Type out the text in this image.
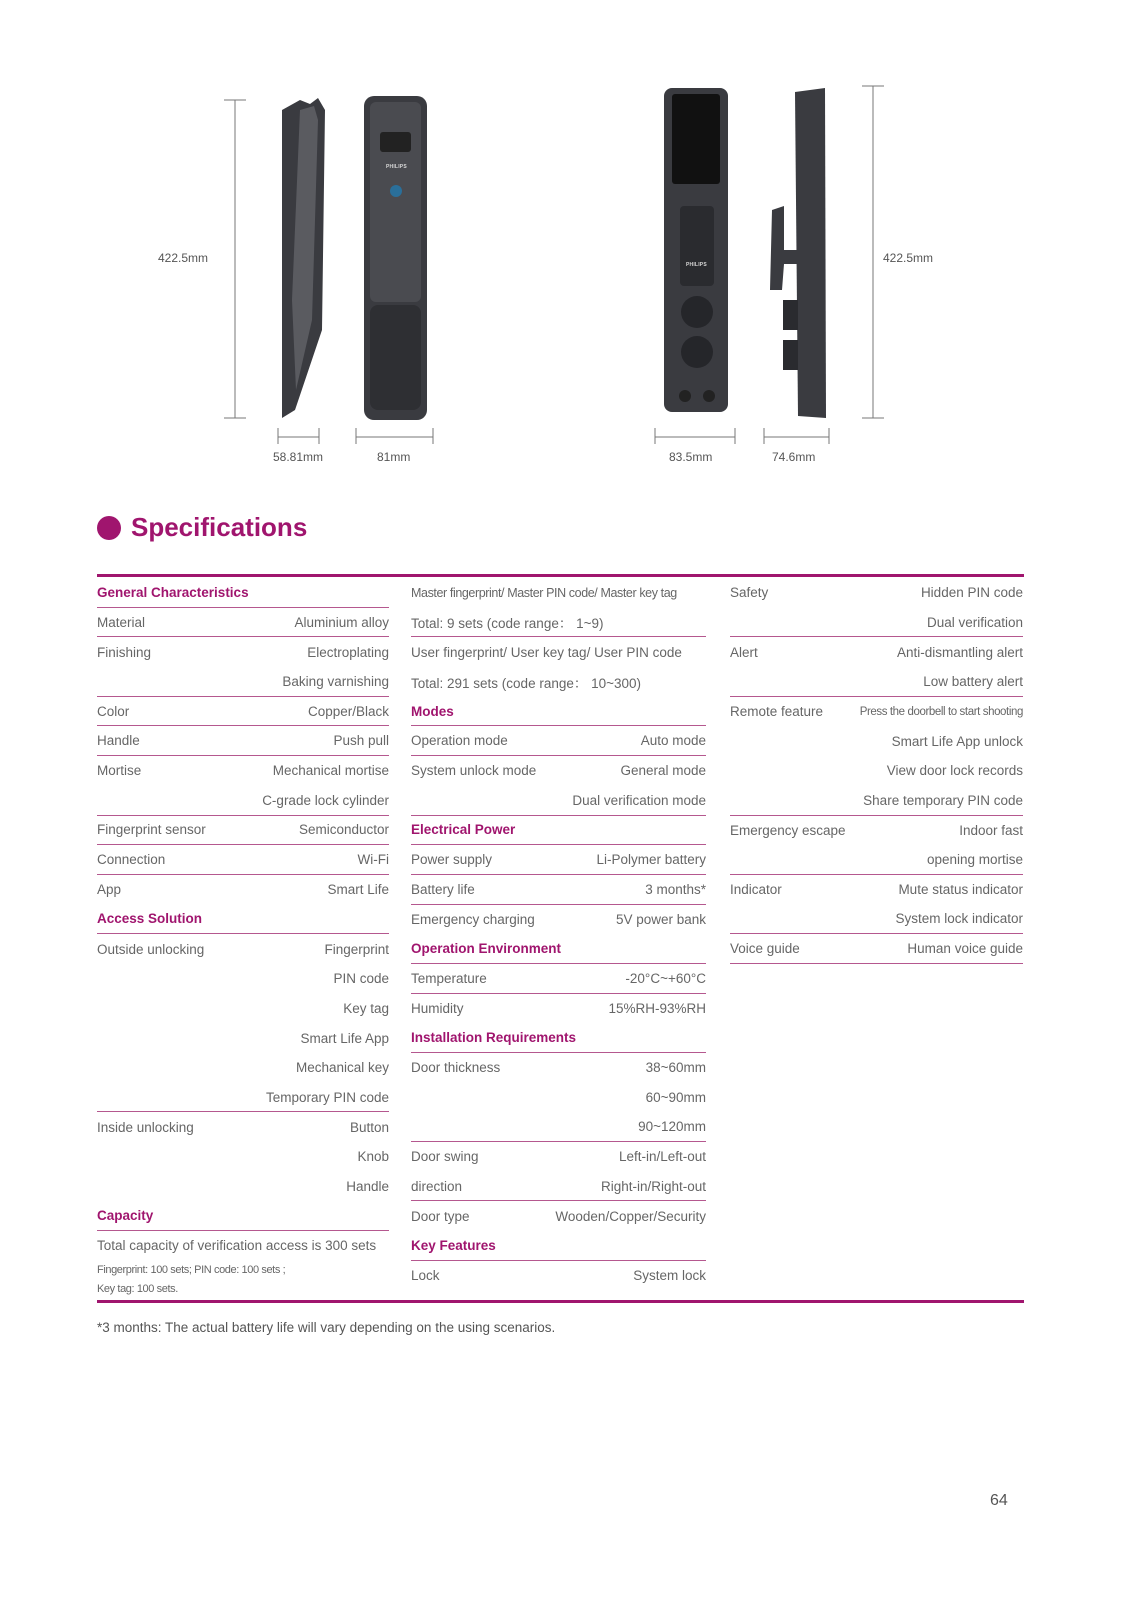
PHILIPS
PHILIPS
422.5mm	422.5mm
58.81mm	81mm	83.5mm	74.6mm
Specifications
General Characteristics
Material	Aluminium alloy
Finishing	Electroplating
Baking varnishing
Color	Copper/Black
Handle	Push pull
Mortise	Mechanical mortise
C-grade lock cylinder
Fingerprint sensor	Semiconductor
Connection	Wi-Fi
App	Smart Life
Access Solution
Outside unlocking	Fingerprint
PIN code
Key tag
Smart Life App
Mechanical key
Temporary PIN code
Inside unlocking	Button
Knob
Handle
Capacity
Total capacity of verification access is 300 sets
Fingerprint: 100 sets; PIN code: 100 sets ;
Key tag: 100 sets.
Master fingerprint/ Master PIN code/ Master key tag
Total: 9 sets (code range： 1~9)
User fingerprint/ User key tag/ User PIN code
Total: 291 sets (code range： 10~300)
Modes
Operation mode	Auto mode
System unlock mode	General mode
Dual verification mode
Electrical Power
Power supply	Li-Polymer battery
Battery life	3 months*
Emergency charging	5V power bank
Operation Environment
Temperature	-20°C~+60°C
Humidity	15%RH-93%RH
Installation Requirements
Door thickness	38~60mm
60~90mm
90~120mm
Door swing	Left-in/Left-out
direction	Right-in/Right-out
Door type	Wooden/Copper/Security
Key Features
Lock	System lock
Safety	Hidden PIN code
Dual verification
Alert	Anti-dismantling alert
Low battery alert
Remote feature	Press the doorbell to start shooting
Smart Life App unlock
View door lock records
Share temporary PIN code
Emergency escape	Indoor fast
opening mortise
Indicator	Mute status indicator
System lock indicator
Voice guide	Human voice guide
*3 months: The actual battery life will vary depending on the using scenarios.
64
